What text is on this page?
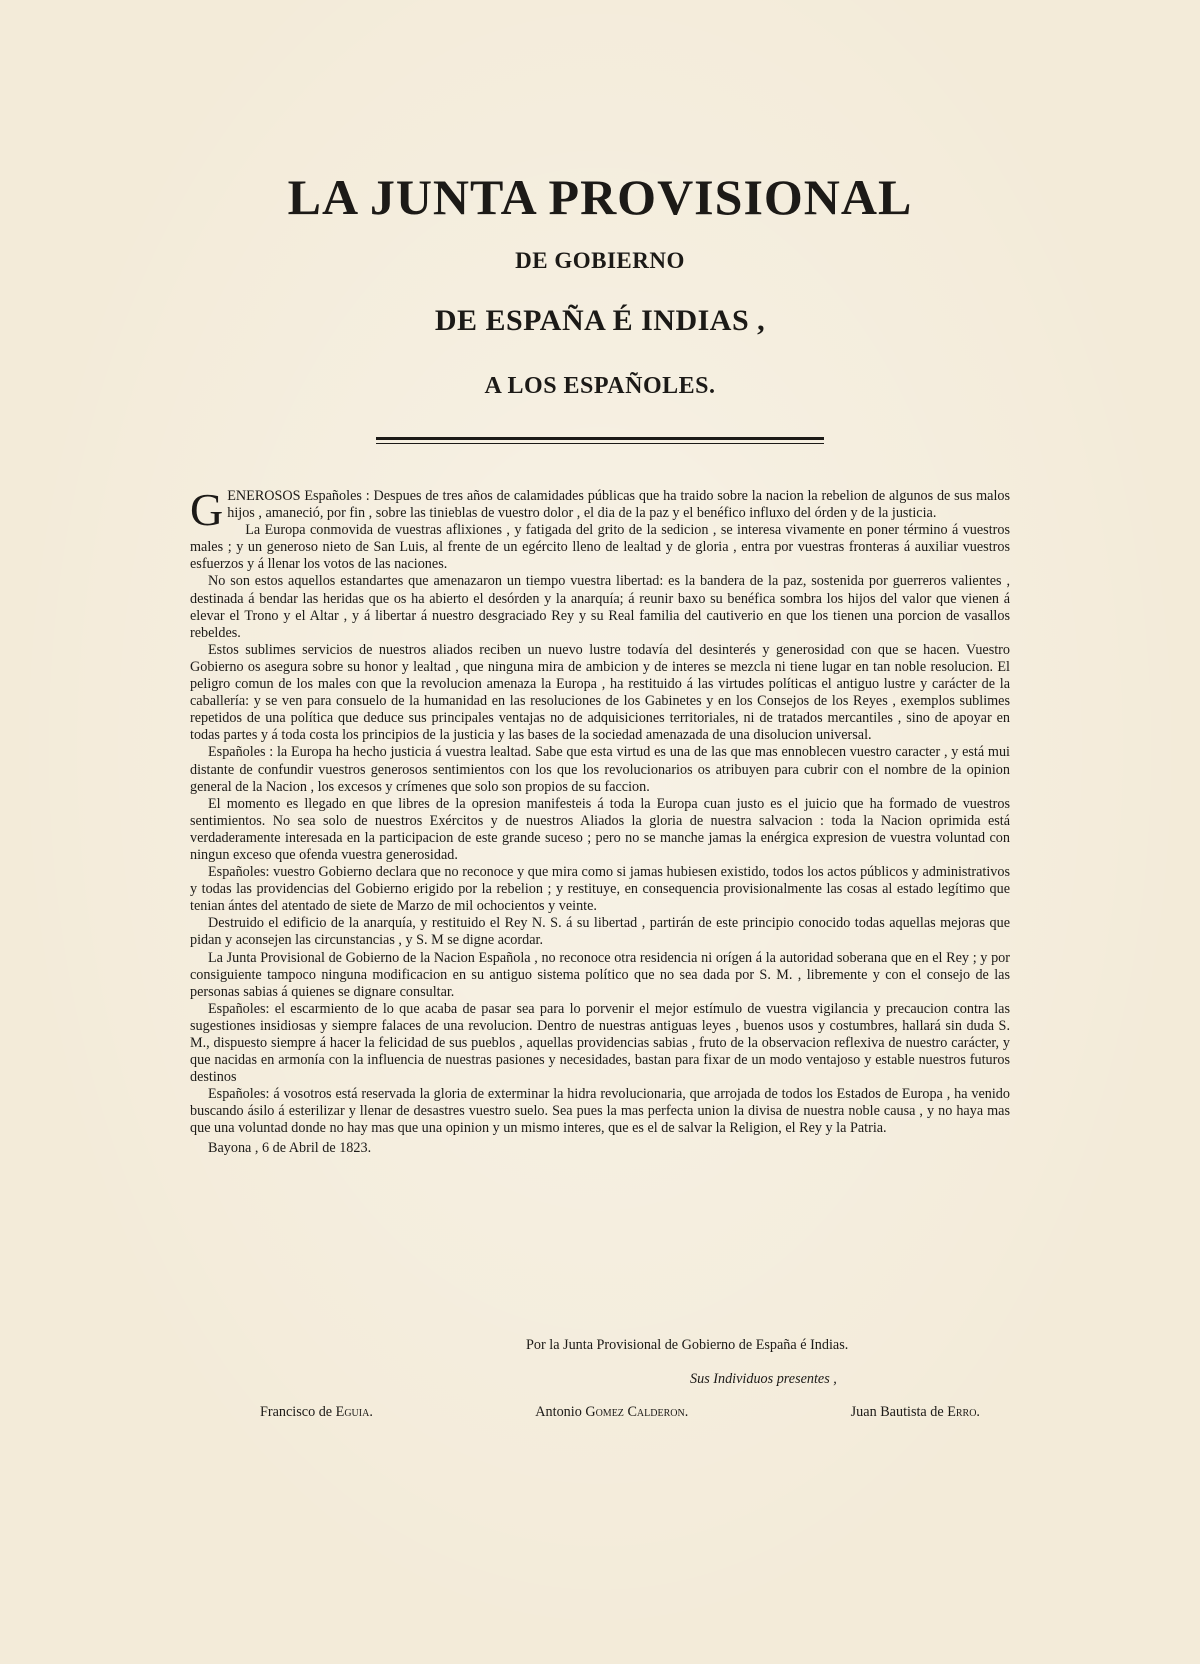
LA JUNTA PROVISIONAL
DE GOBIERNO
DE ESPAÑA É INDIAS ,
A LOS ESPAÑOLES.

GENEROSOS Españoles : Despues de tres años de calamidades públicas que ha traido sobre la nacion la rebelion de algunos de sus malos hijos , amaneció, por fin , sobre las tinieblas de vuestro dolor , el dia de la paz y el benéfico influxo del órden y de la justicia.

La Europa conmovida de vuestras aflixiones , y fatigada del grito de la sedicion , se interesa vivamente en poner término á vuestros males ; y un generoso nieto de San Luis, al frente de un egército lleno de lealtad y de gloria , entra por vuestras fronteras á auxiliar vuestros esfuerzos y á llenar los votos de las naciones.

No son estos aquellos estandartes que amenazaron un tiempo vuestra libertad: es la bandera de la paz, sostenida por guerreros valientes , destinada á bendar las heridas que os ha abierto el desórden y la anarquía; á reunir baxo su benéfica sombra los hijos del valor que vienen á elevar el Trono y el Altar , y á libertar á nuestro desgraciado Rey y su Real familia del cautiverio en que los tienen una porcion de vasallos rebeldes.

Estos sublimes servicios de nuestros aliados reciben un nuevo lustre todavía del desinterés y generosidad con que se hacen. Vuestro Gobierno os asegura sobre su honor y lealtad , que ninguna mira de ambicion y de interes se mezcla ni tiene lugar en tan noble resolucion. El peligro comun de los males con que la revolucion amenaza la Europa , ha restituido á las virtudes políticas el antiguo lustre y carácter de la caballería: y se ven para consuelo de la humanidad en las resoluciones de los Gabinetes y en los Consejos de los Reyes , exemplos sublimes repetidos de una política que deduce sus principales ventajas no de adquisiciones territoriales, ni de tratados mercantiles , sino de apoyar en todas partes y á toda costa los principios de la justicia y las bases de la sociedad amenazada de una disolucion universal.

Españoles : la Europa ha hecho justicia á vuestra lealtad. Sabe que esta virtud es una de las que mas ennoblecen vuestro caracter , y está mui distante de confundir vuestros generosos sentimientos con los que los revolucionarios os atribuyen para cubrir con el nombre de la opinion general de la Nacion , los excesos y crímenes que solo son propios de su faccion.

El momento es llegado en que libres de la opresion manifesteis á toda la Europa cuan justo es el juicio que ha formado de vuestros sentimientos. No sea solo de nuestros Exércitos y de nuestros Aliados la gloria de nuestra salvacion : toda la Nacion oprimida está verdaderamente interesada en la participacion de este grande suceso ; pero no se manche jamas la enérgica expresion de vuestra voluntad con ningun exceso que ofenda vuestra generosidad.

Españoles: vuestro Gobierno declara que no reconoce y que mira como si jamas hubiesen existido, todos los actos públicos y administrativos y todas las providencias del Gobierno erigido por la rebelion ; y restituye, en consequencia provisionalmente las cosas al estado legítimo que tenian ántes del atentado de siete de Marzo de mil ochocientos y veinte.

Destruido el edificio de la anarquía, y restituido el Rey N. S. á su libertad , partirán de este principio conocido todas aquellas mejoras que pidan y aconsejen las circunstancias , y S. M se digne acordar.

La Junta Provisional de Gobierno de la Nacion Española , no reconoce otra residencia ni orígen á la autoridad soberana que en el Rey ; y por consiguiente tampoco ninguna modificacion en su antiguo sistema político que no sea dada por S. M. , libremente y con el consejo de las personas sabias á quienes se dignare consultar.

Españoles: el escarmiento de lo que acaba de pasar sea para lo porvenir el mejor estímulo de vuestra vigilancia y precaucion contra las sugestiones insidiosas y siempre falaces de una revolucion. Dentro de nuestras antiguas leyes , buenos usos y costumbres, hallará sin duda S. M., dispuesto siempre á hacer la felicidad de sus pueblos , aquellas providencias sabias , fruto de la observacion reflexiva de nuestro carácter, y que nacidas en armonía con la influencia de nuestras pasiones y necesidades, bastan para fixar de un modo ventajoso y estable nuestros futuros destinos

Españoles: á vosotros está reservada la gloria de exterminar la hidra revolucionaria, que arrojada de todos los Estados de Europa , ha venido buscando ásilo á esterilizar y llenar de desastres vuestro suelo. Sea pues la mas perfecta union la divisa de nuestra noble causa , y no haya mas que una voluntad donde no hay mas que una opinion y un mismo interes, que es el de salvar la Religion, el Rey y la Patria.

Bayona , 6 de Abril de 1823.

Por la Junta Provisional de Gobierno de España é Indias.
Sus Individuos presentes ,
Francisco de Eguia.	Antonio Gomez Calderon.	Juan Bautista de Erro.
